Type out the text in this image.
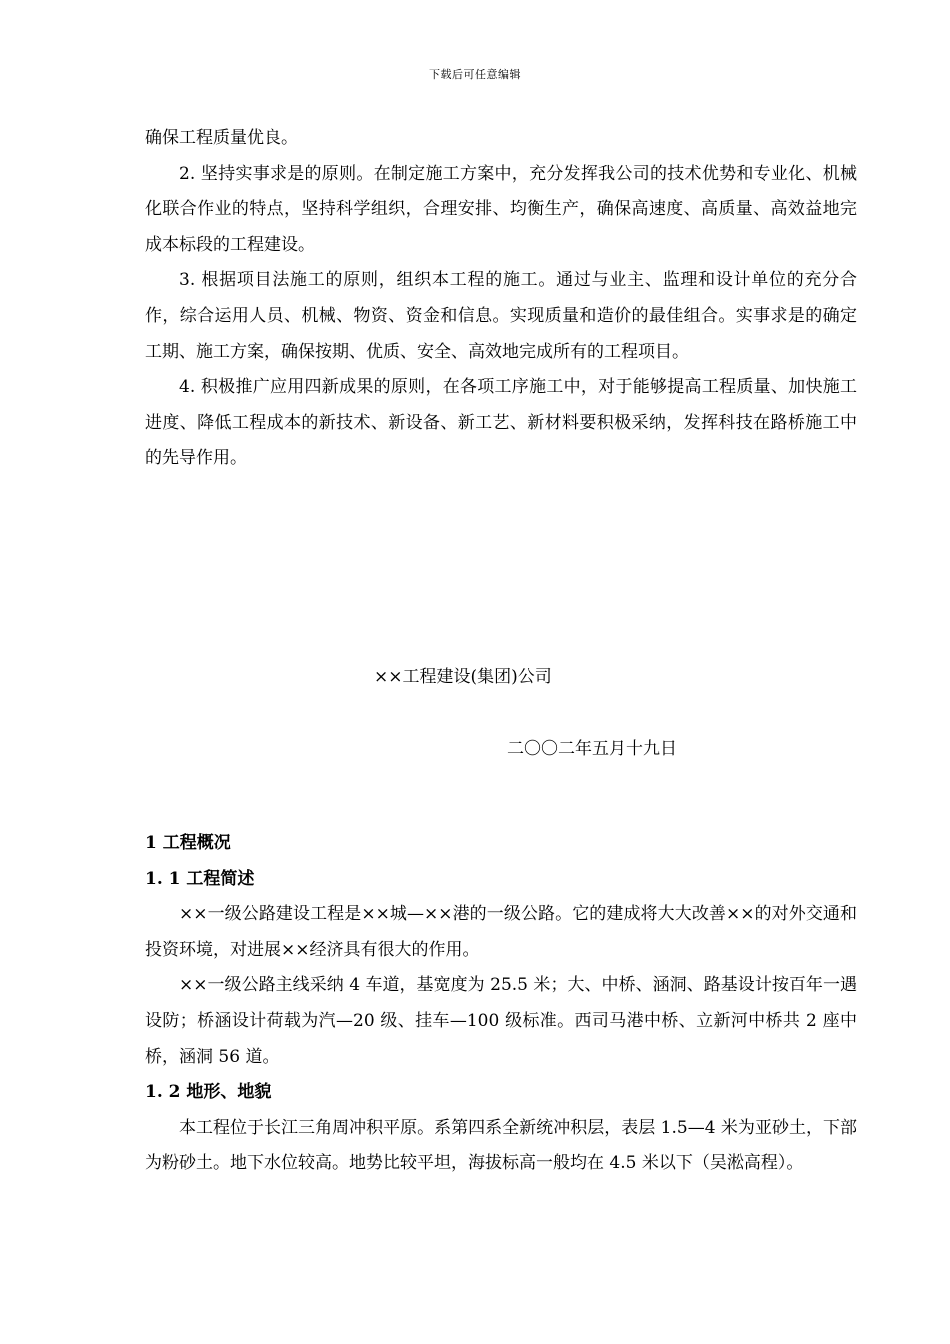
下载后可任意编辑

确保工程质量优良。

2. 坚持实事求是的原则。在制定施工方案中，充分发挥我公司的技术优势和专业化、机械化联合作业的特点，坚持科学组织，合理安排、均衡生产，确保高速度、高质量、高效益地完成本标段的工程建设。

3. 根据项目法施工的原则，组织本工程的施工。通过与业主、监理和设计单位的充分合作，综合运用人员、机械、物资、资金和信息。实现质量和造价的最佳组合。实事求是的确定工期、施工方案，确保按期、优质、安全、高效地完成所有的工程项目。

4. 积极推广应用四新成果的原则，在各项工序施工中，对于能够提高工程质量、加快施工进度、降低工程成本的新技术、新设备、新工艺、新材料要积极采纳，发挥科技在路桥施工中的先导作用。

××工程建设(集团)公司
二〇〇二年五月十九日

1 工程概况

1. 1 工程简述

××一级公路建设工程是××城—××港的一级公路。它的建成将大大改善××的对外交通和投资环境，对进展××经济具有很大的作用。

××一级公路主线采纳 4 车道，基宽度为 25.5 米；大、中桥、涵洞、路基设计按百年一遇设防；桥涵设计荷载为汽—20 级、挂车—100 级标准。西司马港中桥、立新河中桥共 2 座中桥，涵洞 56 道。

1. 2 地形、地貌

本工程位于长江三角周冲积平原。系第四系全新统冲积层，表层 1.5—4 米为亚砂土，下部为粉砂土。地下水位较高。地势比较平坦，海拔标高一般均在 4.5 米以下（吴淞高程）。
